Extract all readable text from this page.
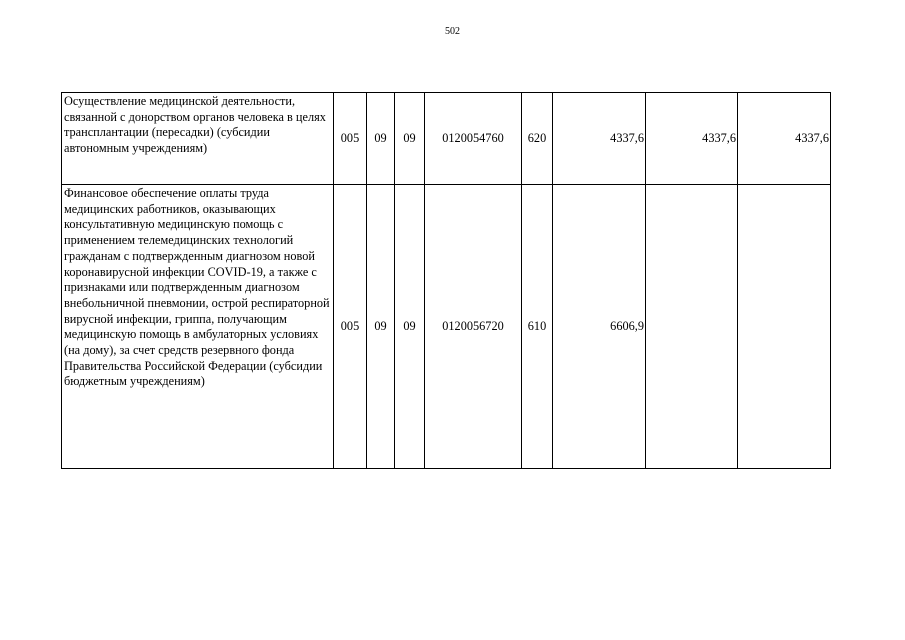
502
Осуществление медицинской деятельности, связанной с донорством органов человека в целях трансплантации (пересадки) (субсидии автономным учреждениям)	005	09	09	0120054760	620	4337,6	4337,6	4337,6
Финансовое обеспечение оплаты труда медицинских работников, оказывающих консультативную медицинскую помощь с применением телемедицинских технологий гражданам с подтвержденным диагнозом новой коронавирусной инфекции COVID-19, а также с признаками или подтвержденным диагнозом внебольничной пневмонии, острой респираторной вирусной инфекции, гриппа, получающим медицинскую помощь в амбулаторных условиях (на дому), за счет средств резервного фонда Правительства Российской Федерации (субсидии бюджетным учреждениям)	005	09	09	0120056720	610	6606,9		
